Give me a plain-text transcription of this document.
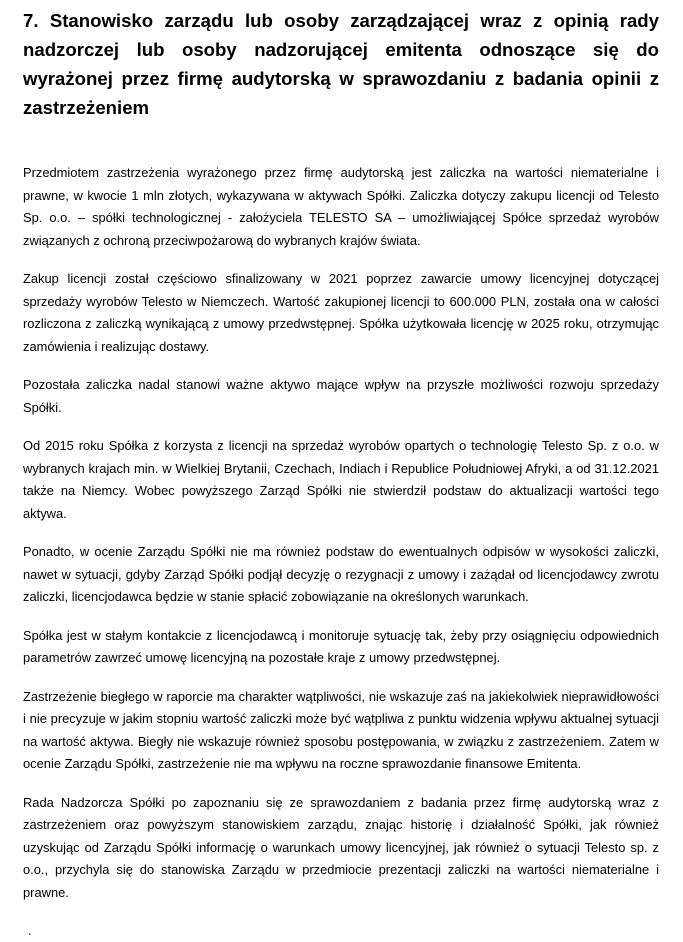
7. Stanowisko zarządu lub osoby zarządzającej wraz z opinią rady nadzorczej lub osoby nadzorującej emitenta odnoszące się do wyrażonej przez firmę audytorską w sprawozdaniu z badania opinii z zastrzeżeniem

Przedmiotem zastrzeżenia wyrażonego przez firmę audytorską jest zaliczka na wartości niematerialne i prawne, w kwocie 1 mln złotych, wykazywana w aktywach Spółki. Zaliczka dotyczy zakupu licencji od Telesto Sp. o.o. – spółki technologicznej - założyciela TELESTO SA – umożliwiającej Spółce sprzedaż wyrobów związanych z ochroną przeciwpożarową do wybranych krajów świata.

Zakup licencji został częściowo sfinalizowany w 2021 poprzez zawarcie umowy licencyjnej dotyczącej sprzedaży wyrobów Telesto w Niemczech. Wartość zakupionej licencji to 600.000 PLN, została ona w całości rozliczona z zaliczką wynikającą z umowy przedwstępnej. Spółka użytkowała licencję w 2025 roku, otrzymując zamówienia i realizując dostawy.

Pozostała zaliczka nadal stanowi ważne aktywo mające wpływ na przyszłe możliwości rozwoju sprzedaży Spółki.

Od 2015 roku Spółka z korzysta z licencji na sprzedaż wyrobów opartych o technologię Telesto Sp. z o.o. w wybranych krajach min. w Wielkiej Brytanii, Czechach, Indiach i Republice Południowej Afryki, a od 31.12.2021 także na Niemcy. Wobec powyższego Zarząd Spółki nie stwierdził podstaw do aktualizacji wartości tego aktywa.

Ponadto, w ocenie Zarządu Spółki nie ma również podstaw do ewentualnych odpisów w wysokości zaliczki, nawet w sytuacji, gdyby Zarząd Spółki podjął decyzję o rezygnacji z umowy i zażądał od licencjodawcy zwrotu zaliczki, licencjodawca będzie w stanie spłacić zobowiązanie na określonych warunkach.

Spółka jest w stałym kontakcie z licencjodawcą i monitoruje sytuację tak, żeby przy osiągnięciu odpowiednich parametrów zawrzeć umowę licencyjną na pozostałe kraje z umowy przedwstępnej.

Zastrzeżenie biegłego w raporcie ma charakter wątpliwości, nie wskazuje zaś na jakiekolwiek nieprawidłowości i nie precyzuje w jakim stopniu wartość zaliczki może być wątpliwa z punktu widzenia wpływu aktualnej sytuacji na wartość aktywa. Biegły nie wskazuje również sposobu postępowania, w związku z zastrzeżeniem. Zatem w ocenie Zarządu Spółki, zastrzeżenie nie ma wpływu na roczne sprawozdanie finansowe Emitenta.

Rada Nadzorcza Spółki po zapoznaniu się ze sprawozdaniem z badania przez firmę audytorską wraz z zastrzeżeniem oraz powyższym stanowiskiem zarządu, znając historię i działalność Spółki, jak również uzyskując od Zarządu Spółki informację o warunkach umowy licencyjnej, jak również o sytuacji Telesto sp. z o.o., przychyla się do stanowiska Zarządu w przedmiocie prezentacji zaliczki na wartości niematerialne i prawne.

.
